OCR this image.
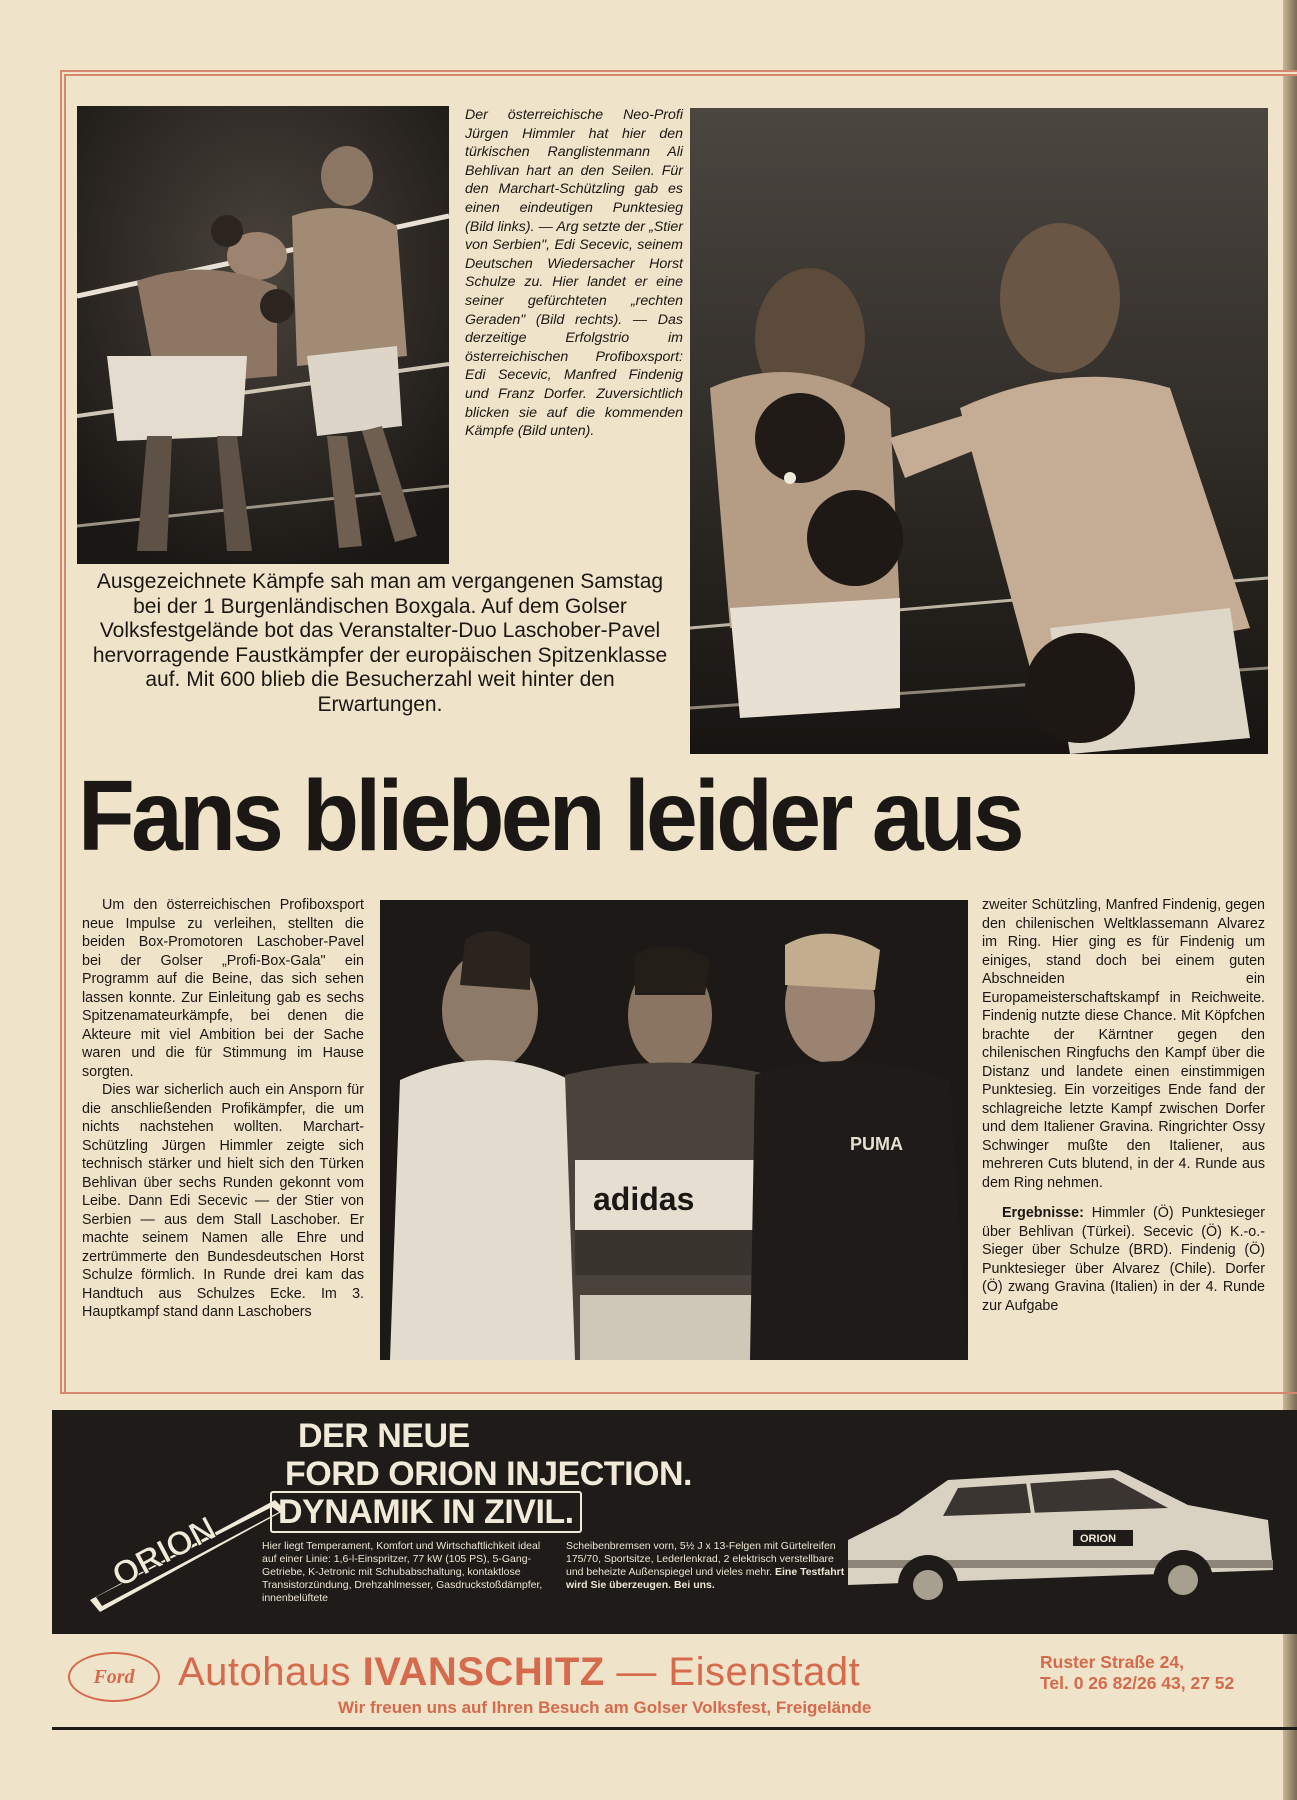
Der österreichische Neo-Profi Jürgen Himmler hat hier den türkischen Ranglistenmann Ali Behlivan hart an den Seilen. Für den Marchart-Schützling gab es einen eindeutigen Punktesieg (Bild links). — Arg setzte der „Stier von Serbien", Edi Secevic, seinem Deutschen Wiedersacher Horst Schulze zu. Hier landet er eine seiner gefürchteten „rechten Geraden" (Bild rechts). — Das derzeitige Erfolgstrio im österreichischen Profiboxsport: Edi Secevic, Manfred Findenig und Franz Dorfer. Zuversichtlich blicken sie auf die kommenden Kämpfe (Bild unten).
Ausgezeichnete Kämpfe sah man am vergangenen Samstag bei der 1 Burgenländischen Boxgala. Auf dem Golser Volksfestgelände bot das Veranstalter-Duo Laschober-Pavel hervorragende Faustkämpfer der europäischen Spitzenklasse auf. Mit 600 blieb die Besucherzahl weit hinter den Erwartungen.
Fans blieben leider aus

Um den österreichischen Profiboxsport neue Impulse zu verleihen, stellten die beiden Box-Promotoren Laschober-Pavel bei der Golser „Profi-Box-Gala" ein Programm auf die Beine, das sich sehen lassen konnte. Zur Einleitung gab es sechs Spitzenamateurkämpfe, bei denen die Akteure mit viel Ambition bei der Sache waren und die für Stimmung im Hause sorgten.

Dies war sicherlich auch ein Ansporn für die anschließenden Profikämpfer, die um nichts nachstehen wollten. Marchart-Schützling Jürgen Himmler zeigte sich technisch stärker und hielt sich den Türken Behlivan über sechs Runden gekonnt vom Leibe. Dann Edi Secevic — der Stier von Serbien — aus dem Stall Laschober. Er machte seinem Namen alle Ehre und zertrümmerte den Bundesdeutschen Horst Schulze förmlich. In Runde drei kam das Handtuch aus Schulzes Ecke. Im 3. Hauptkampf stand dann Laschobers

adidas
PUMA

zweiter Schützling, Manfred Findenig, gegen den chilenischen Weltklassemann Alvarez im Ring. Hier ging es für Findenig um einiges, stand doch bei einem guten Abschneiden ein Europameisterschaftskampf in Reichweite. Findenig nutzte diese Chance. Mit Köpfchen brachte der Kärntner gegen den chilenischen Ringfuchs den Kampf über die Distanz und landete einen einstimmigen Punktesieg. Ein vorzeitiges Ende fand der schlagreiche letzte Kampf zwischen Dorfer und dem Italiener Gravina. Ringrichter Ossy Schwinger mußte den Italiener, aus mehreren Cuts blutend, in der 4. Runde aus dem Ring nehmen.

Ergebnisse: Himmler (Ö) Punktesieger über Behlivan (Türkei). Secevic (Ö) K.-o.-Sieger über Schulze (BRD). Findenig (Ö) Punktesieger über Alvarez (Chile). Dorfer (Ö) zwang Gravina (Italien) in der 4. Runde zur Aufgabe

ORION
DER NEUE
FORD ORION INJECTION.
DYNAMIK IN ZIVIL.
Hier liegt Temperament, Komfort und Wirtschaftlichkeit ideal auf einer Linie: 1,6-l-Einspritzer, 77 kW (105 PS), 5-Gang-Getriebe, K-Jetronic mit Schubabschaltung, kontaktlose Transistorzündung, Drehzahlmesser, Gasdruckstoßdämpfer, innenbelüftete
Scheibenbremsen vorn, 5½ J x 13-Felgen mit Gürtelreifen 175/70, Sportsitze, Lederlenkrad, 2 elektrisch verstellbare und beheizte Außenspiegel und vieles mehr. Eine Testfahrt wird Sie überzeugen. Bei uns.
ORION
Ford	Autohaus IVANSCHITZ — Eisenstadt	Ruster Straße 24,
Tel. 0 26 82/26 43, 27 52
Wir freuen uns auf Ihren Besuch am Golser Volksfest, Freigelände
